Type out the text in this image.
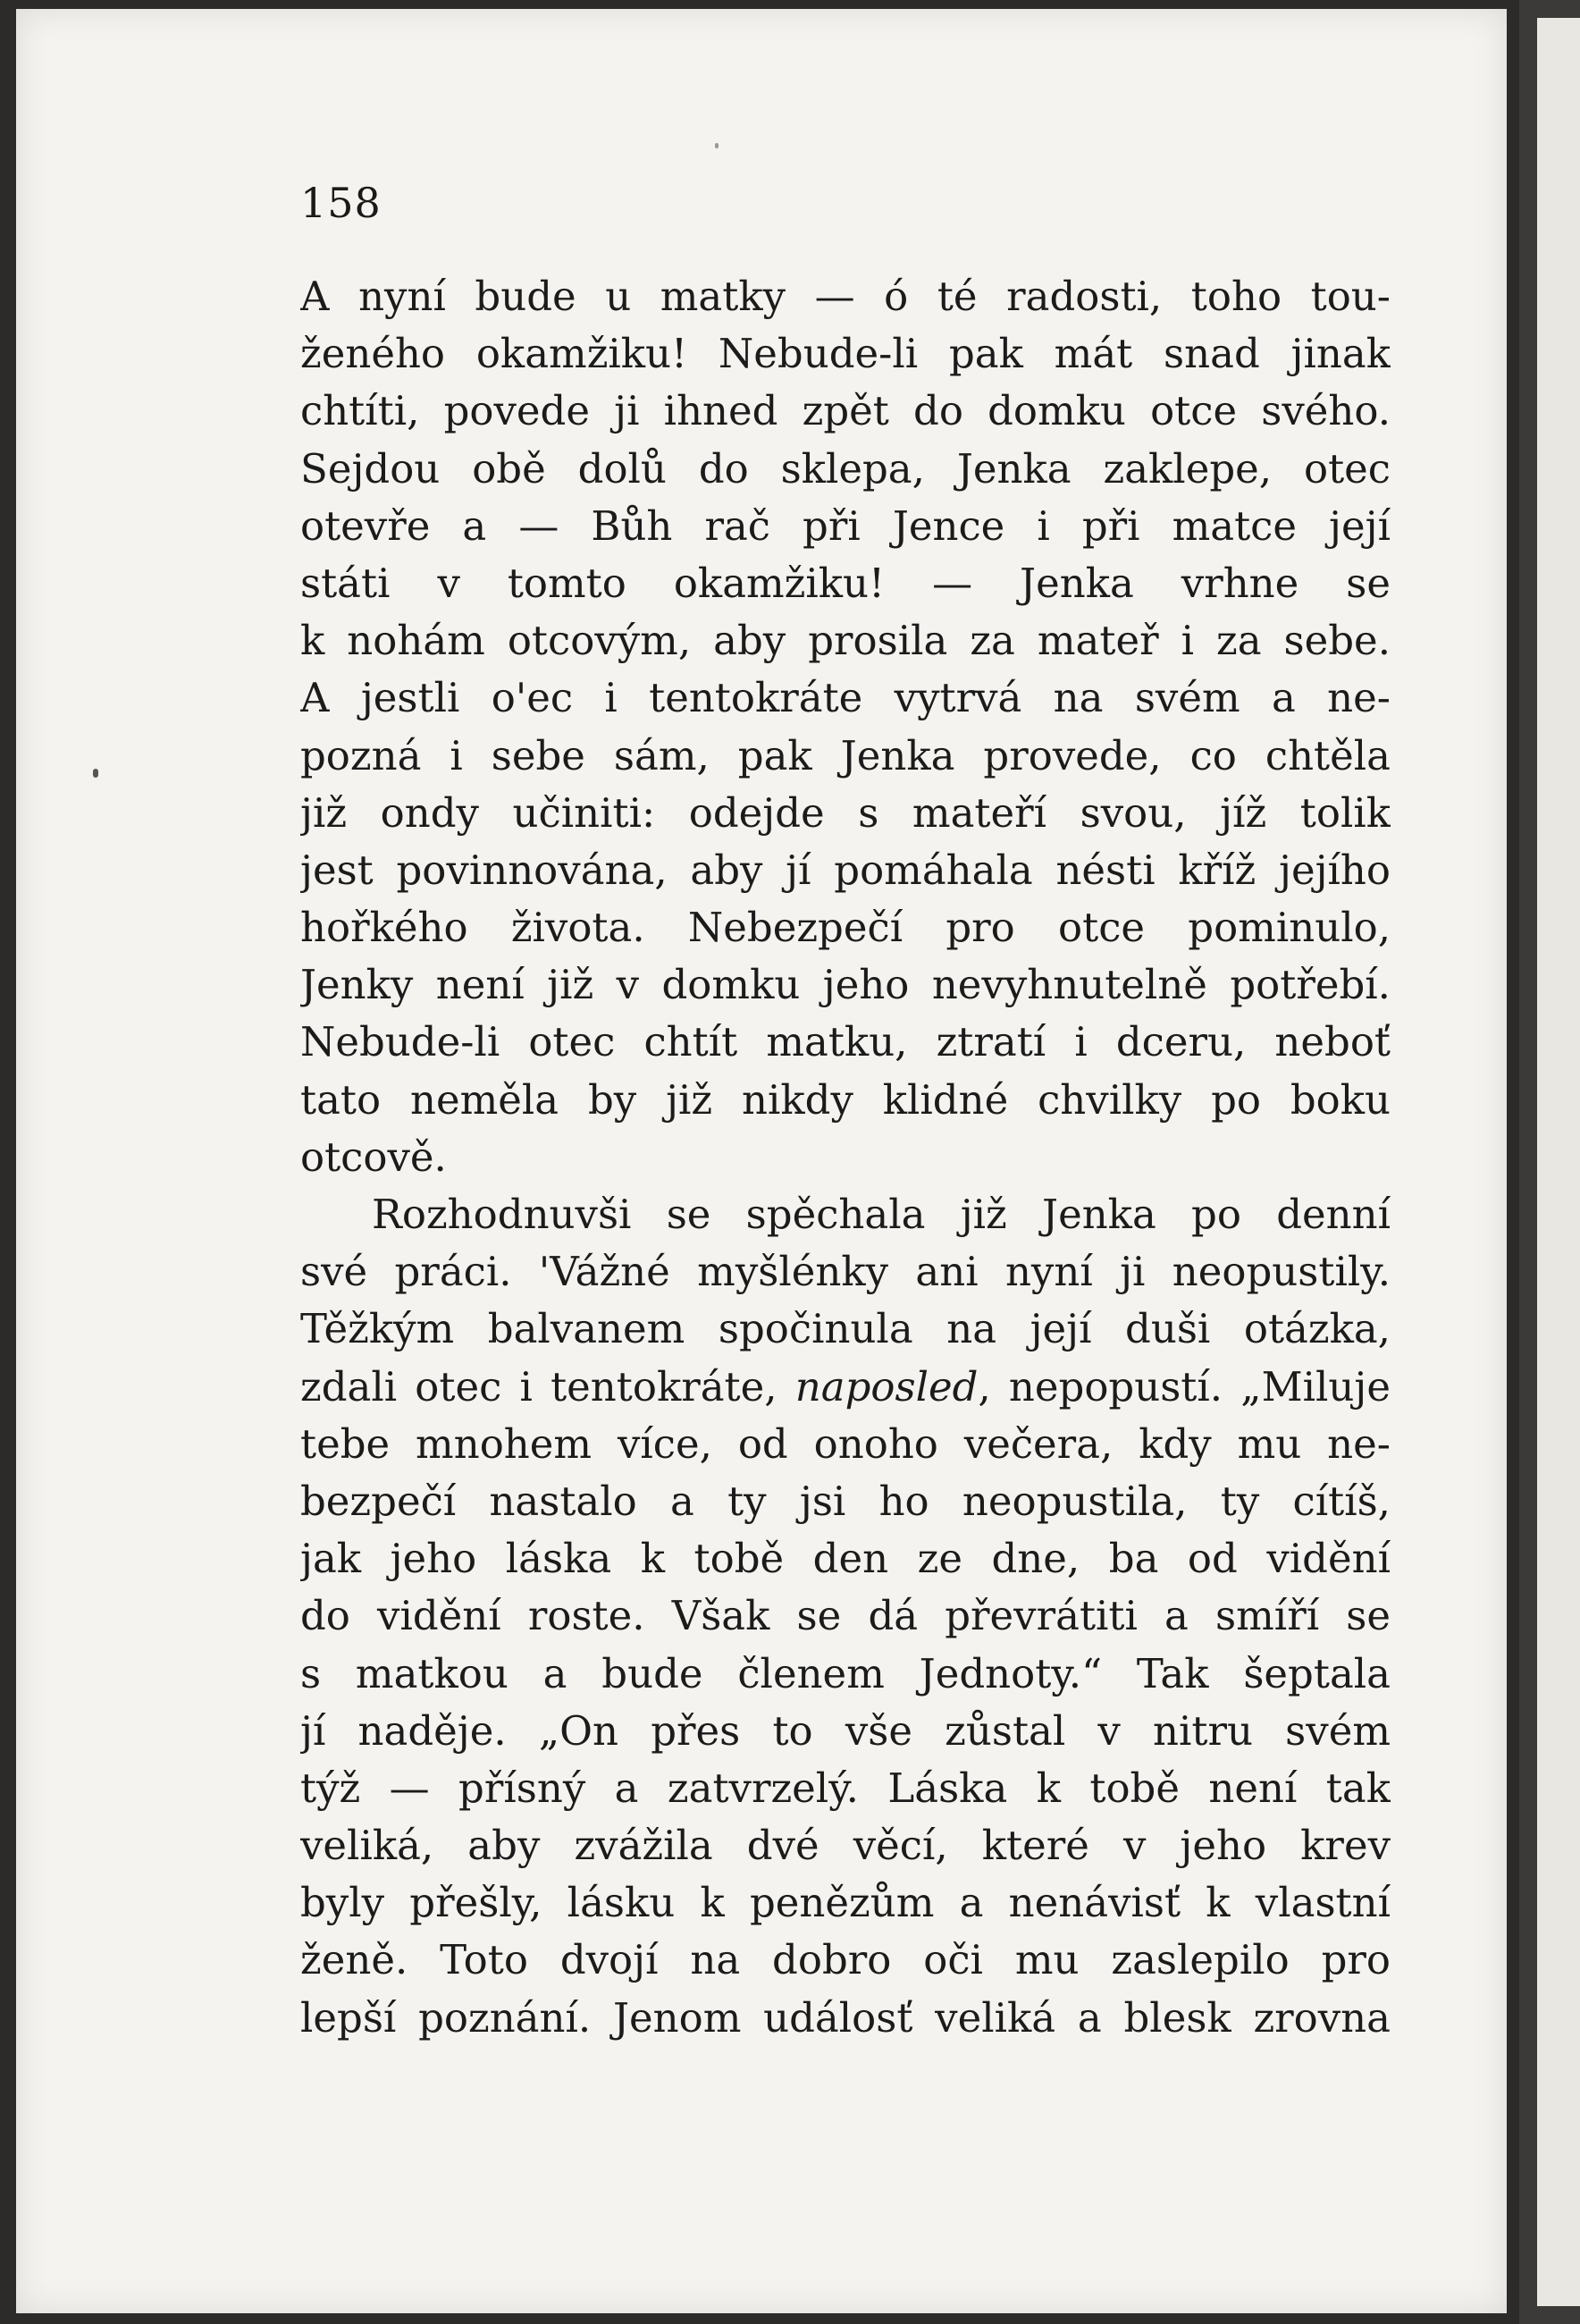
158
A nyní bude u matky — ó té radosti, toho tou-
ženého okamžiku! Nebude-li pak mát snad jinak
chtíti, povede ji ihned zpět do domku otce svého.
Sejdou obě dolů do sklepa, Jenka zaklepe, otec
otevře a — Bůh rač při Jence i při matce její
státi v tomto okamžiku! — Jenka vrhne se
k nohám otcovým, aby prosila za mateř i za sebe.
A jestli o'ec i tentokráte vytrvá na svém a ne-
pozná i sebe sám, pak Jenka provede, co chtěla
již ondy učiniti: odejde s mateří svou, jíž tolik
jest povinnována, aby jí pomáhala nésti kříž jejího
hořkého života. Nebezpečí pro otce pominulo,
Jenky není již v domku jeho nevyhnutelně potřebí.
Nebude-li otec chtít matku, ztratí i dceru, neboť
tato neměla by již nikdy klidné chvilky po boku
otcově.
Rozhodnuvši se spěchala již Jenka po denní
své práci. 'Vážné myšlénky ani nyní ji neopustily.
Těžkým balvanem spočinula na její duši otázka,
zdali otec i tentokráte, naposled, nepopustí. „Miluje
tebe mnohem více, od onoho večera, kdy mu ne-
bezpečí nastalo a ty jsi ho neopustila, ty cítíš,
jak jeho láska k tobě den ze dne, ba od vidění
do vidění roste. Však se dá převrátiti a smíří se
s matkou a bude členem Jednoty.“ Tak šeptala
jí naděje. „On přes to vše zůstal v nitru svém
týž — přísný a zatvrzelý. Láska k tobě není tak
veliká, aby zvážila dvé věcí, které v jeho krev
byly přešly, lásku k penězům a nenávisť k vlastní
ženě. Toto dvojí na dobro oči mu zaslepilo pro
lepší poznání. Jenom událosť veliká a blesk zrovna
